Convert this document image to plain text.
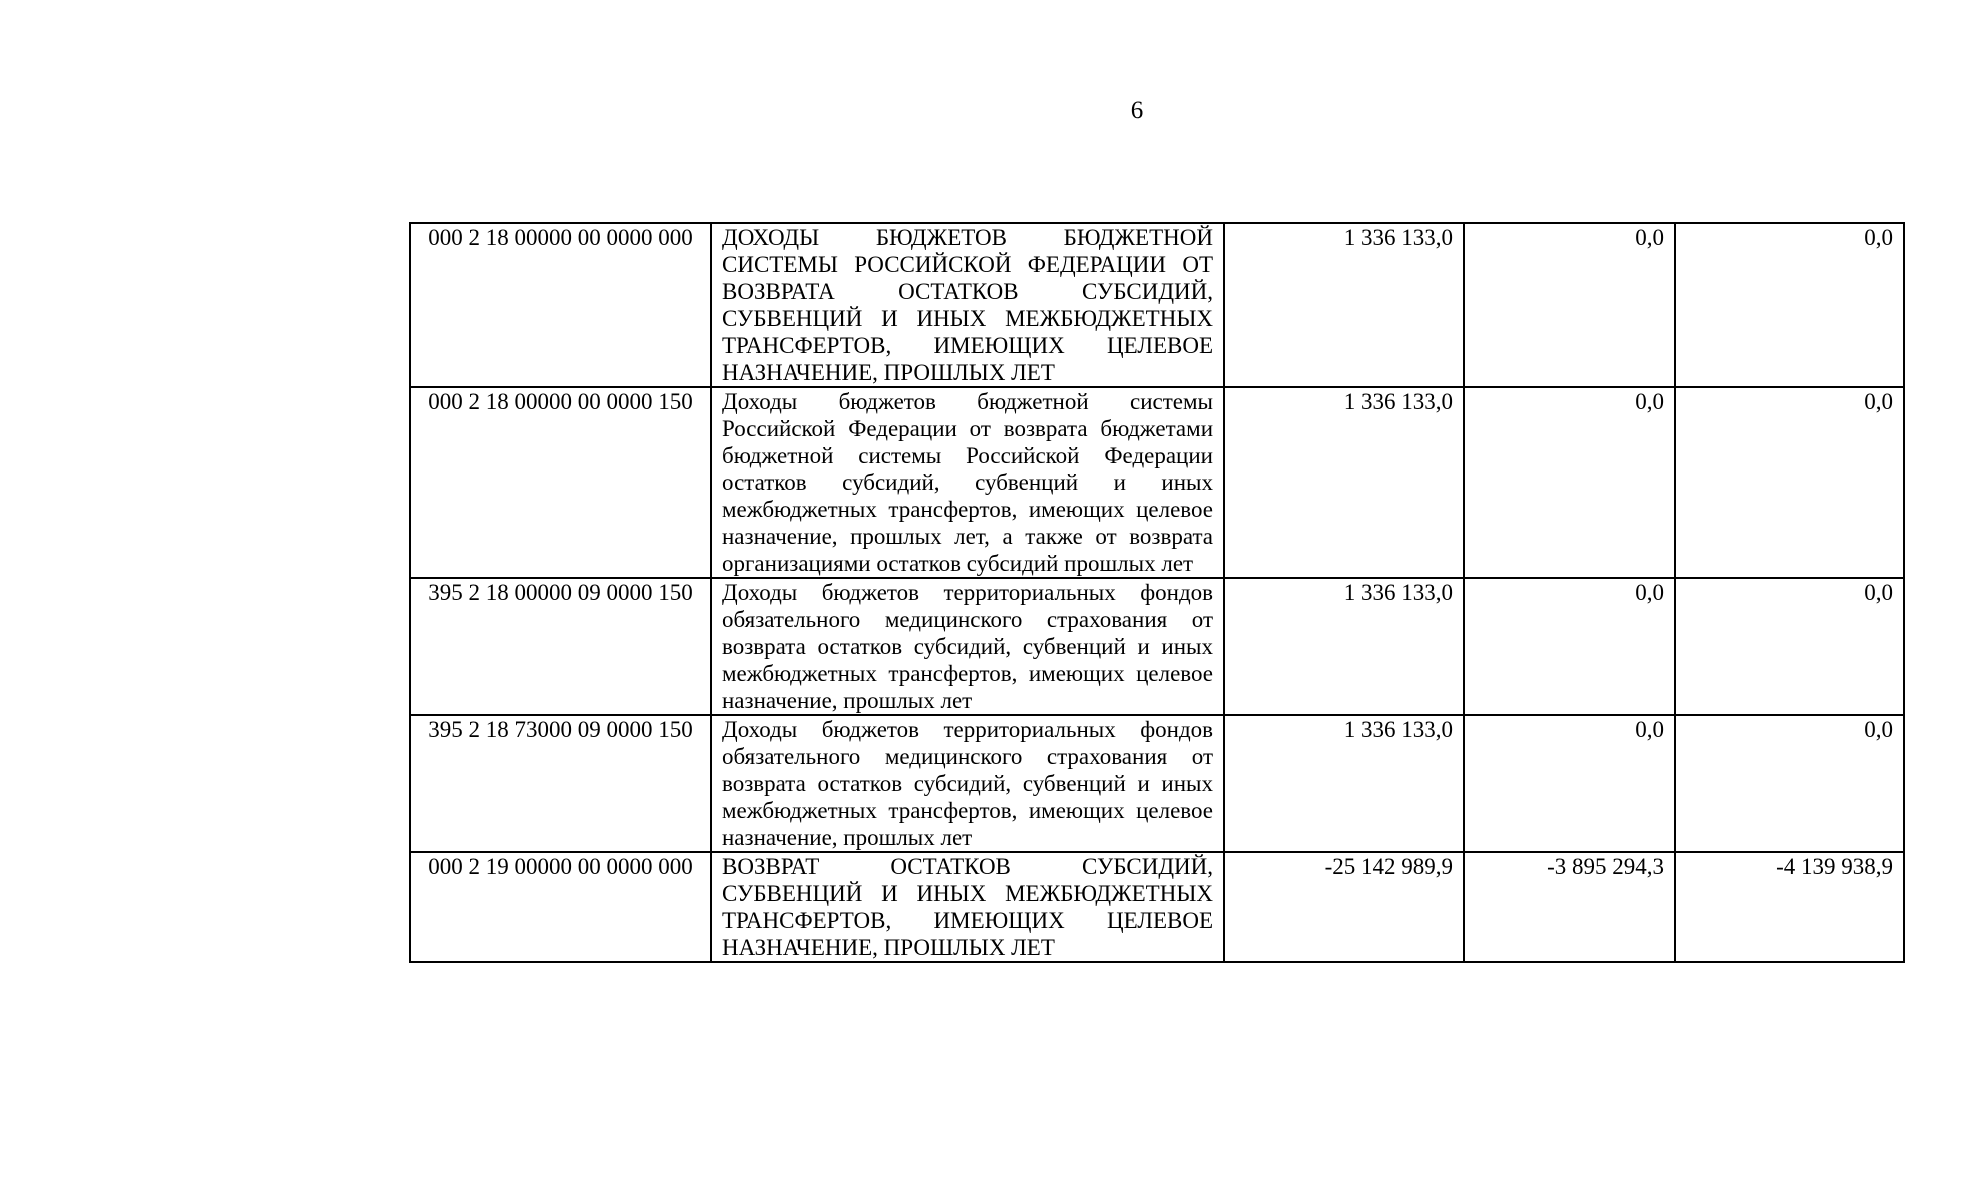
6
000 2 18 00000 00 0000 000	ДОХОДЫ БЮДЖЕТОВ БЮДЖЕТНОЙ СИСТЕМЫ РОССИЙСКОЙ ФЕДЕРАЦИИ ОТ ВОЗВРАТА ОСТАТКОВ СУБСИДИЙ, СУБВЕНЦИЙ И ИНЫХ МЕЖБЮДЖЕТНЫХ ТРАНСФЕРТОВ, ИМЕЮЩИХ ЦЕЛЕВОЕ НАЗНАЧЕНИЕ, ПРОШЛЫХ ЛЕТ	1 336 133,0	0,0	0,0
000 2 18 00000 00 0000 150	Доходы бюджетов бюджетной системы Российской Федерации от возврата бюджетами бюджетной системы Российской Федерации остатков субсидий, субвенций и иных межбюджетных трансфертов, имеющих целевое назначение, прошлых лет, а также от возврата организациями остатков субсидий прошлых лет	1 336 133,0	0,0	0,0
395 2 18 00000 09 0000 150	Доходы бюджетов территориальных фондов обязательного медицинского страхования от возврата остатков субсидий, субвенций и иных межбюджетных трансфертов, имеющих целевое назначение, прошлых лет	1 336 133,0	0,0	0,0
395 2 18 73000 09 0000 150	Доходы бюджетов территориальных фондов обязательного медицинского страхования от возврата остатков субсидий, субвенций и иных межбюджетных трансфертов, имеющих целевое назначение, прошлых лет	1 336 133,0	0,0	0,0
000 2 19 00000 00 0000 000	ВОЗВРАТ ОСТАТКОВ СУБСИДИЙ, СУБВЕНЦИЙ И ИНЫХ МЕЖБЮДЖЕТНЫХ ТРАНСФЕРТОВ, ИМЕЮЩИХ ЦЕЛЕВОЕ НАЗНАЧЕНИЕ, ПРОШЛЫХ ЛЕТ	-25 142 989,9	-3 895 294,3	-4 139 938,9
